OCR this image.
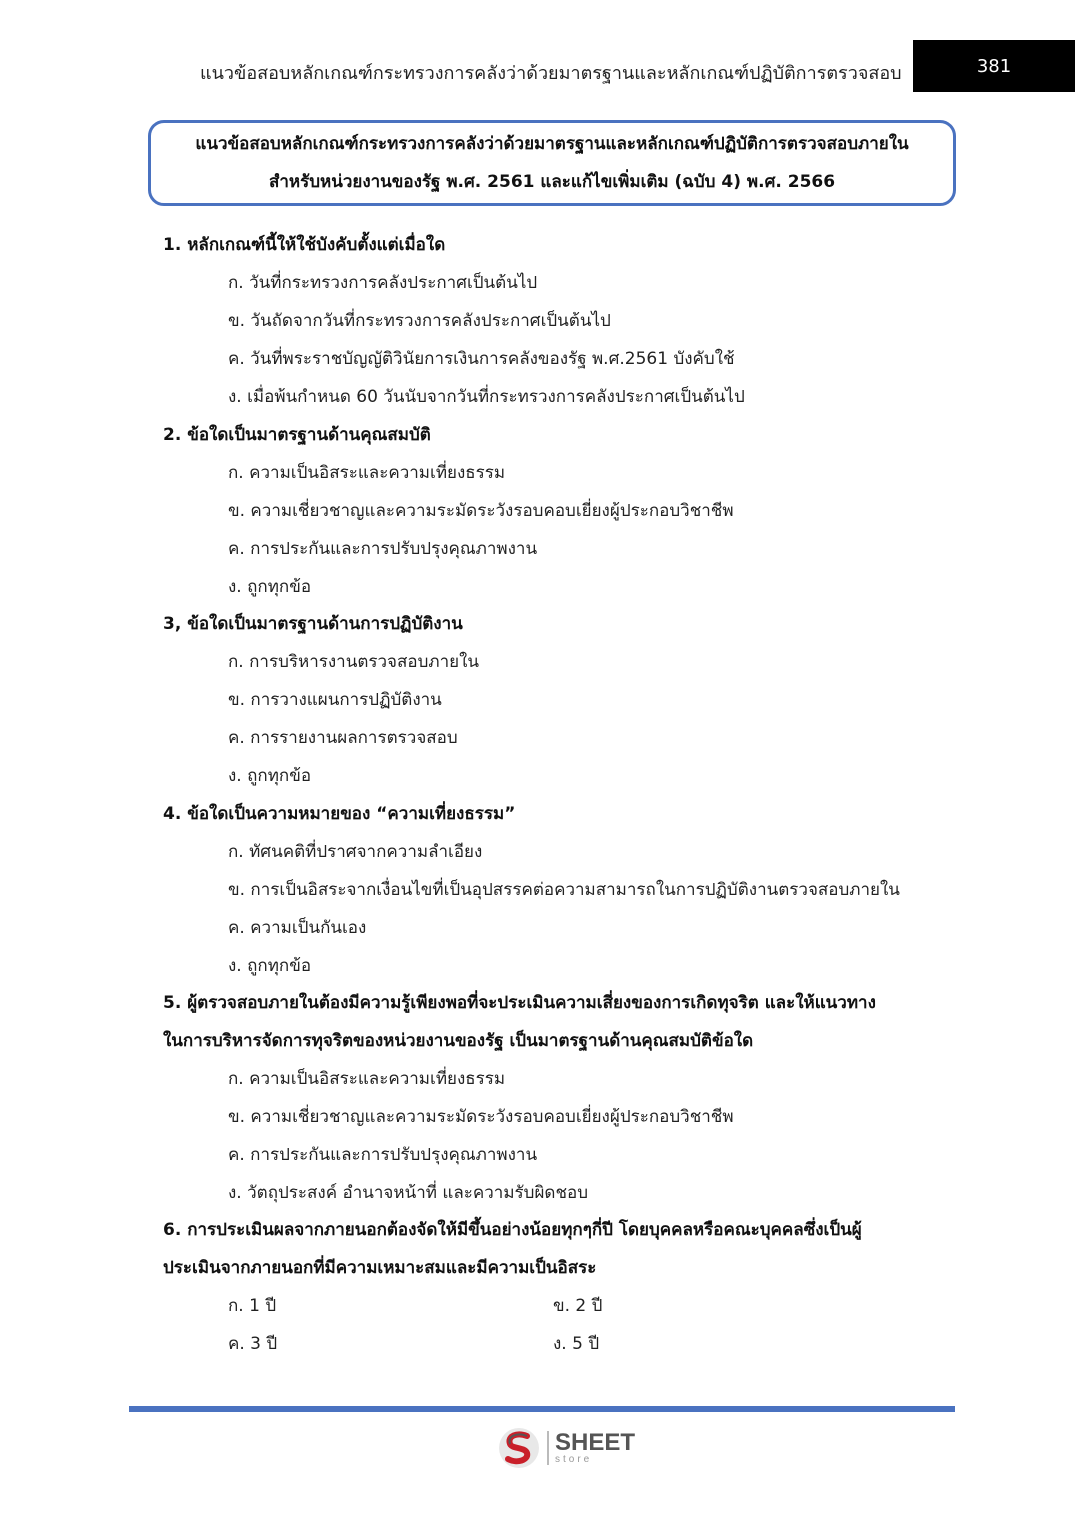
แนวข้อสอบหลักเกณฑ์กระทรวงการคลังว่าด้วยมาตรฐานและหลักเกณฑ์ปฏิบัติการตรวจสอบ	381
แนวข้อสอบหลักเกณฑ์กระทรวงการคลังว่าด้วยมาตรฐานและหลักเกณฑ์ปฏิบัติการตรวจสอบภายใน
สำหรับหน่วยงานของรัฐ พ.ศ. 2561 และแก้ไขเพิ่มเติม (ฉบับ 4) พ.ศ. 2566
1. หลักเกณฑ์นี้ให้ใช้บังคับตั้งแต่เมื่อใด
ก. วันที่กระทรวงการคลังประกาศเป็นต้นไป
ข. วันถัดจากวันที่กระทรวงการคลังประกาศเป็นต้นไป
ค. วันที่พระราชบัญญัติวินัยการเงินการคลังของรัฐ พ.ศ.2561 บังคับใช้
ง. เมื่อพ้นกำหนด 60 วันนับจากวันที่กระทรวงการคลังประกาศเป็นต้นไป
2. ข้อใดเป็นมาตรฐานด้านคุณสมบัติ
ก. ความเป็นอิสระและความเที่ยงธรรม
ข. ความเชี่ยวชาญและความระมัดระวังรอบคอบเยี่ยงผู้ประกอบวิชาชีพ
ค. การประกันและการปรับปรุงคุณภาพงาน
ง. ถูกทุกข้อ
3, ข้อใดเป็นมาตรฐานด้านการปฏิบัติงาน
ก. การบริหารงานตรวจสอบภายใน
ข. การวางแผนการปฏิบัติงาน
ค. การรายงานผลการตรวจสอบ
ง. ถูกทุกข้อ
4. ข้อใดเป็นความหมายของ “ความเที่ยงธรรม”
ก. ทัศนคติที่ปราศจากความลำเอียง
ข. การเป็นอิสระจากเงื่อนไขที่เป็นอุปสรรคต่อความสามารถในการปฏิบัติงานตรวจสอบภายใน
ค. ความเป็นกันเอง
ง. ถูกทุกข้อ
5. ผู้ตรวจสอบภายในต้องมีความรู้เพียงพอที่จะประเมินความเสี่ยงของการเกิดทุจริต และให้แนวทาง
ในการบริหารจัดการทุจริตของหน่วยงานของรัฐ เป็นมาตรฐานด้านคุณสมบัติข้อใด
ก. ความเป็นอิสระและความเที่ยงธรรม
ข. ความเชี่ยวชาญและความระมัดระวังรอบคอบเยี่ยงผู้ประกอบวิชาชีพ
ค. การประกันและการปรับปรุงคุณภาพงาน
ง. วัตถุประสงค์ อำนาจหน้าที่ และความรับผิดชอบ
6. การประเมินผลจากภายนอกต้องจัดให้มีขึ้นอย่างน้อยทุกๆกี่ปี โดยบุคคลหรือคณะบุคคลซึ่งเป็นผู้
ประเมินจากภายนอกที่มีความเหมาะสมและมีความเป็นอิสระ
ก. 1 ปี	ข. 2 ปี
ค. 3 ปี	ง. 5 ปี
SHEET
store
